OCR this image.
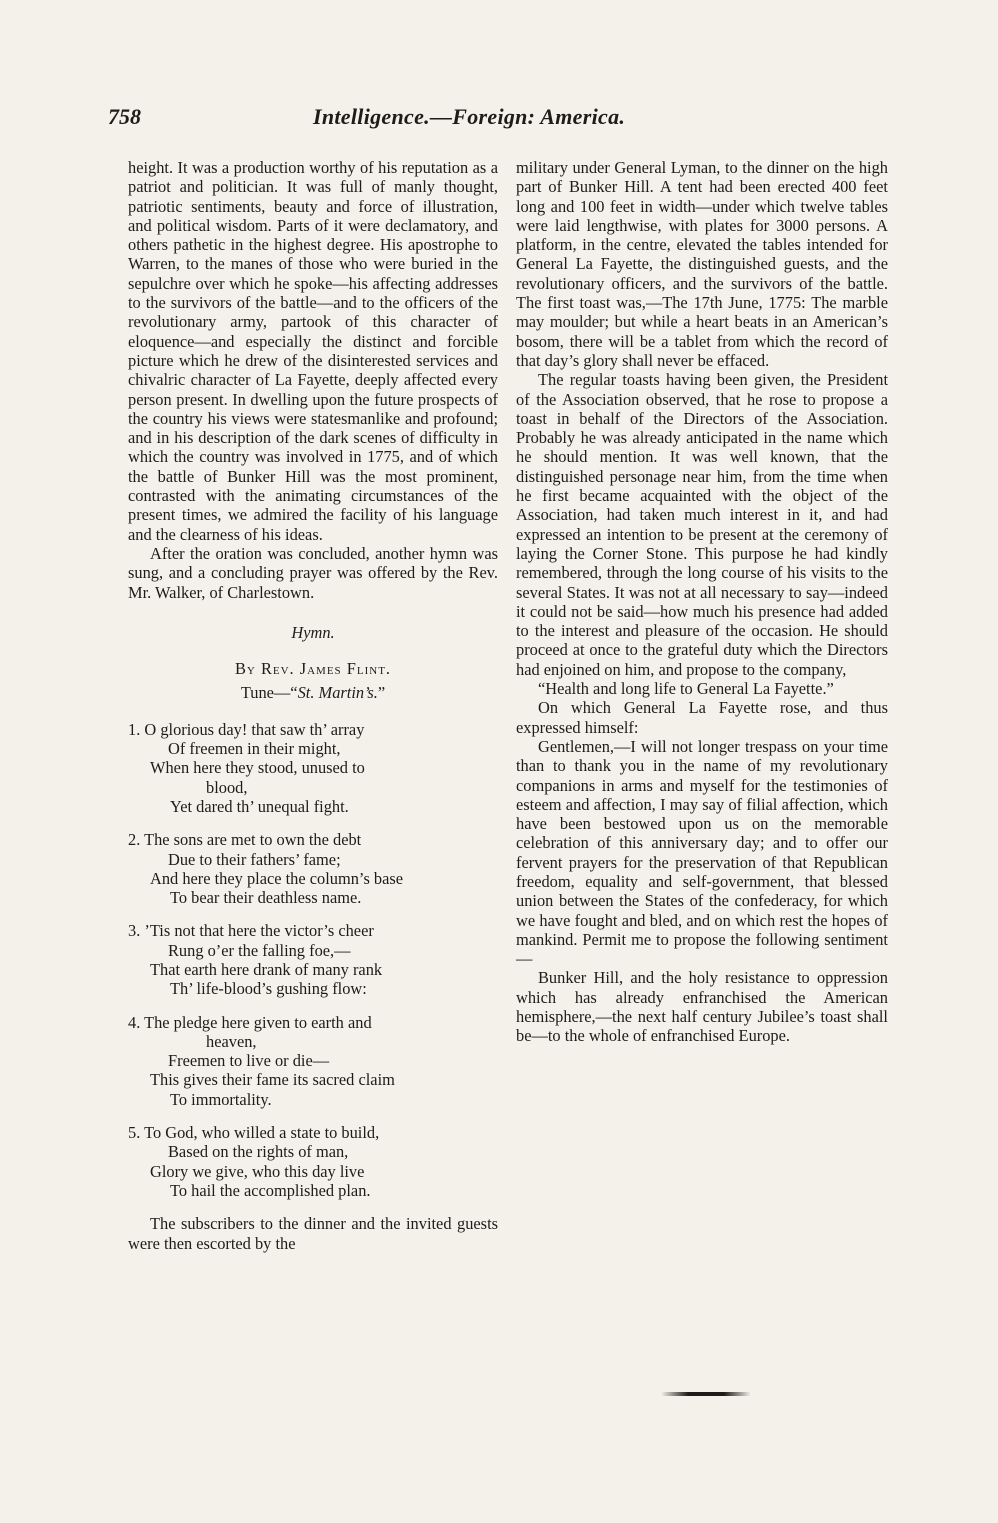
758	Intelligence.—Foreign: America.

height. It was a production worthy of his reputation as a patriot and politician. It was full of manly thought, patriotic sentiments, beauty and force of illustration, and political wisdom. Parts of it were declamatory, and others pathetic in the highest degree. His apostrophe to Warren, to the manes of those who were buried in the sepulchre over which he spoke—his affecting addresses to the survivors of the battle—and to the officers of the revolutionary army, partook of this character of eloquence—and especially the distinct and forcible picture which he drew of the disinterested services and chivalric character of La Fayette, deeply affected every person present. In dwelling upon the future prospects of the country his views were statesmanlike and profound; and in his description of the dark scenes of difficulty in which the country was involved in 1775, and of which the battle of Bunker Hill was the most prominent, contrasted with the animating circumstances of the present times, we admired the facility of his language and the clearness of his ideas.

After the oration was concluded, another hymn was sung, and a concluding prayer was offered by the Rev. Mr. Walker, of Charlestown.

Hymn.

By Rev. James Flint.

Tune—“St. Martin’s.”

1. O glorious day! that saw th’ array
Of freemen in their might,
When here they stood, unused to
blood,
Yet dared th’ unequal fight.
2. The sons are met to own the debt
Due to their fathers’ fame;
And here they place the column’s base
To bear their deathless name.
3. ’Tis not that here the victor’s cheer
Rung o’er the falling foe,—
That earth here drank of many rank
Th’ life-blood’s gushing flow:
4. The pledge here given to earth and
heaven,
Freemen to live or die—
This gives their fame its sacred claim
To immortality.
5. To God, who willed a state to build,
Based on the rights of man,
Glory we give, who this day live
To hail the accomplished plan.

The subscribers to the dinner and the invited guests were then escorted by the

military under General Lyman, to the dinner on the high part of Bunker Hill. A tent had been erected 400 feet long and 100 feet in width—under which twelve tables were laid lengthwise, with plates for 3000 persons. A platform, in the centre, elevated the tables intended for General La Fayette, the distinguished guests, and the revolutionary officers, and the survivors of the battle. The first toast was,—The 17th June, 1775: The marble may moulder; but while a heart beats in an American’s bosom, there will be a tablet from which the record of that day’s glory shall never be effaced.

The regular toasts having been given, the President of the Association observed, that he rose to propose a toast in behalf of the Directors of the Association. Probably he was already anticipated in the name which he should mention. It was well known, that the distinguished personage near him, from the time when he first became acquainted with the object of the Association, had taken much interest in it, and had expressed an intention to be present at the ceremony of laying the Corner Stone. This purpose he had kindly remembered, through the long course of his visits to the several States. It was not at all necessary to say—indeed it could not be said—how much his presence had added to the interest and pleasure of the occasion. He should proceed at once to the grateful duty which the Directors had enjoined on him, and propose to the company,

“Health and long life to General La Fayette.”

On which General La Fayette rose, and thus expressed himself:

Gentlemen,—I will not longer trespass on your time than to thank you in the name of my revolutionary companions in arms and myself for the testimonies of esteem and affection, I may say of filial affection, which have been bestowed upon us on the memorable celebration of this anniversary day; and to offer our fervent prayers for the preservation of that Republican freedom, equality and self-government, that blessed union between the States of the confederacy, for which we have fought and bled, and on which rest the hopes of mankind. Permit me to propose the following sentiment—

Bunker Hill, and the holy resistance to oppression which has already enfranchised the American hemisphere,—the next half century Jubilee’s toast shall be—to the whole of enfranchised Europe.
